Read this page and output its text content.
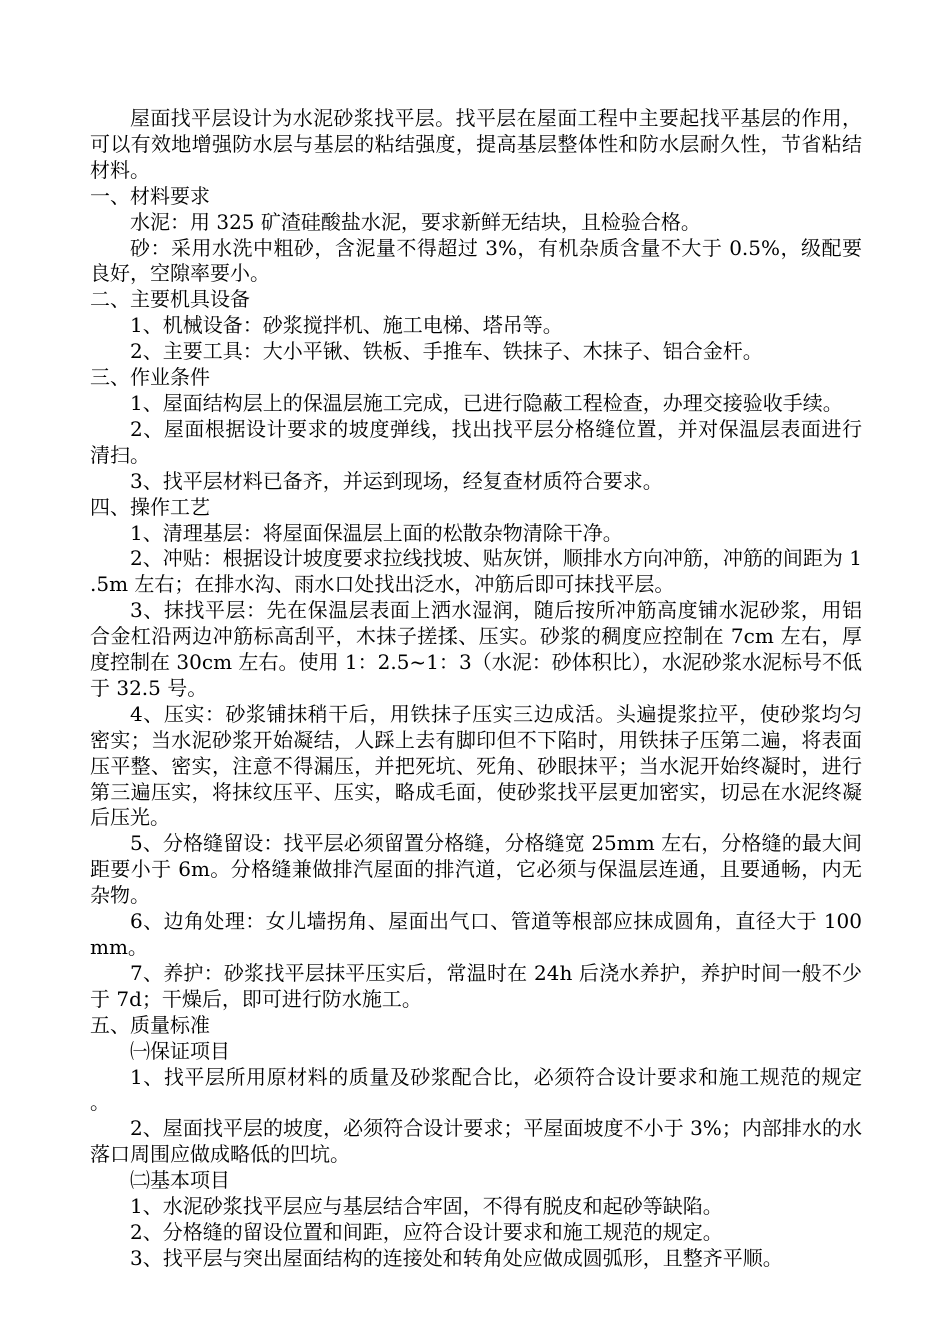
屋面找平层设计为水泥砂浆找平层。找平层在屋面工程中主要起找平基层的作用，可以有效地增强防水层与基层的粘结强度，提高基层整体性和防水层耐久性，节省粘结材料。

一、材料要求

水泥：用 325 矿渣硅酸盐水泥，要求新鲜无结块，且检验合格。

砂：采用水洗中粗砂，含泥量不得超过 3%，有机杂质含量不大于 0.5%，级配要良好，空隙率要小。

二、主要机具设备

1、机械设备：砂浆搅拌机、施工电梯、塔吊等。

2、主要工具：大小平锹、铁板、手推车、铁抹子、木抹子、铝合金杆。

三、作业条件

1、屋面结构层上的保温层施工完成，已进行隐蔽工程检查，办理交接验收手续。

2、屋面根据设计要求的坡度弹线，找出找平层分格缝位置，并对保温层表面进行清扫。

3、找平层材料已备齐，并运到现场，经复查材质符合要求。

四、操作工艺

1、清理基层：将屋面保温层上面的松散杂物清除干净。

2、冲贴：根据设计坡度要求拉线找坡、贴灰饼，顺排水方向冲筋，冲筋的间距为 1.5m 左右；在排水沟、雨水口处找出泛水，冲筋后即可抹找平层。

3、抹找平层：先在保温层表面上洒水湿润，随后按所冲筋高度铺水泥砂浆，用铝合金杠沿两边冲筋标高刮平，木抹子搓揉、压实。砂浆的稠度应控制在 7cm 左右，厚度控制在 30cm 左右。使用 1：2.5~1：3（水泥：砂体积比），水泥砂浆水泥标号不低于 32.5 号。

4、压实：砂浆铺抹稍干后，用铁抹子压实三边成活。头遍提浆拉平，使砂浆均匀密实；当水泥砂浆开始凝结，人踩上去有脚印但不下陷时，用铁抹子压第二遍，将表面压平整、密实，注意不得漏压，并把死坑、死角、砂眼抹平；当水泥开始终凝时，进行第三遍压实，将抹纹压平、压实，略成毛面，使砂浆找平层更加密实，切忌在水泥终凝后压光。

5、分格缝留设：找平层必须留置分格缝，分格缝宽 25mm 左右，分格缝的最大间距要小于 6m。分格缝兼做排汽屋面的排汽道，它必须与保温层连通，且要通畅，内无杂物。

6、边角处理：女儿墙拐角、屋面出气口、管道等根部应抹成圆角，直径大于 100mm。

7、养护：砂浆找平层抹平压实后，常温时在 24h 后浇水养护，养护时间一般不少于 7d；干燥后，即可进行防水施工。

五、质量标准

㈠保证项目

1、找平层所用原材料的质量及砂浆配合比，必须符合设计要求和施工规范的规定。

2、屋面找平层的坡度，必须符合设计要求；平屋面坡度不小于 3%；内部排水的水落口周围应做成略低的凹坑。

㈡基本项目

1、水泥砂浆找平层应与基层结合牢固，不得有脱皮和起砂等缺陷。

2、分格缝的留设位置和间距，应符合设计要求和施工规范的规定。

3、找平层与突出屋面结构的连接处和转角处应做成圆弧形，且整齐平顺。
